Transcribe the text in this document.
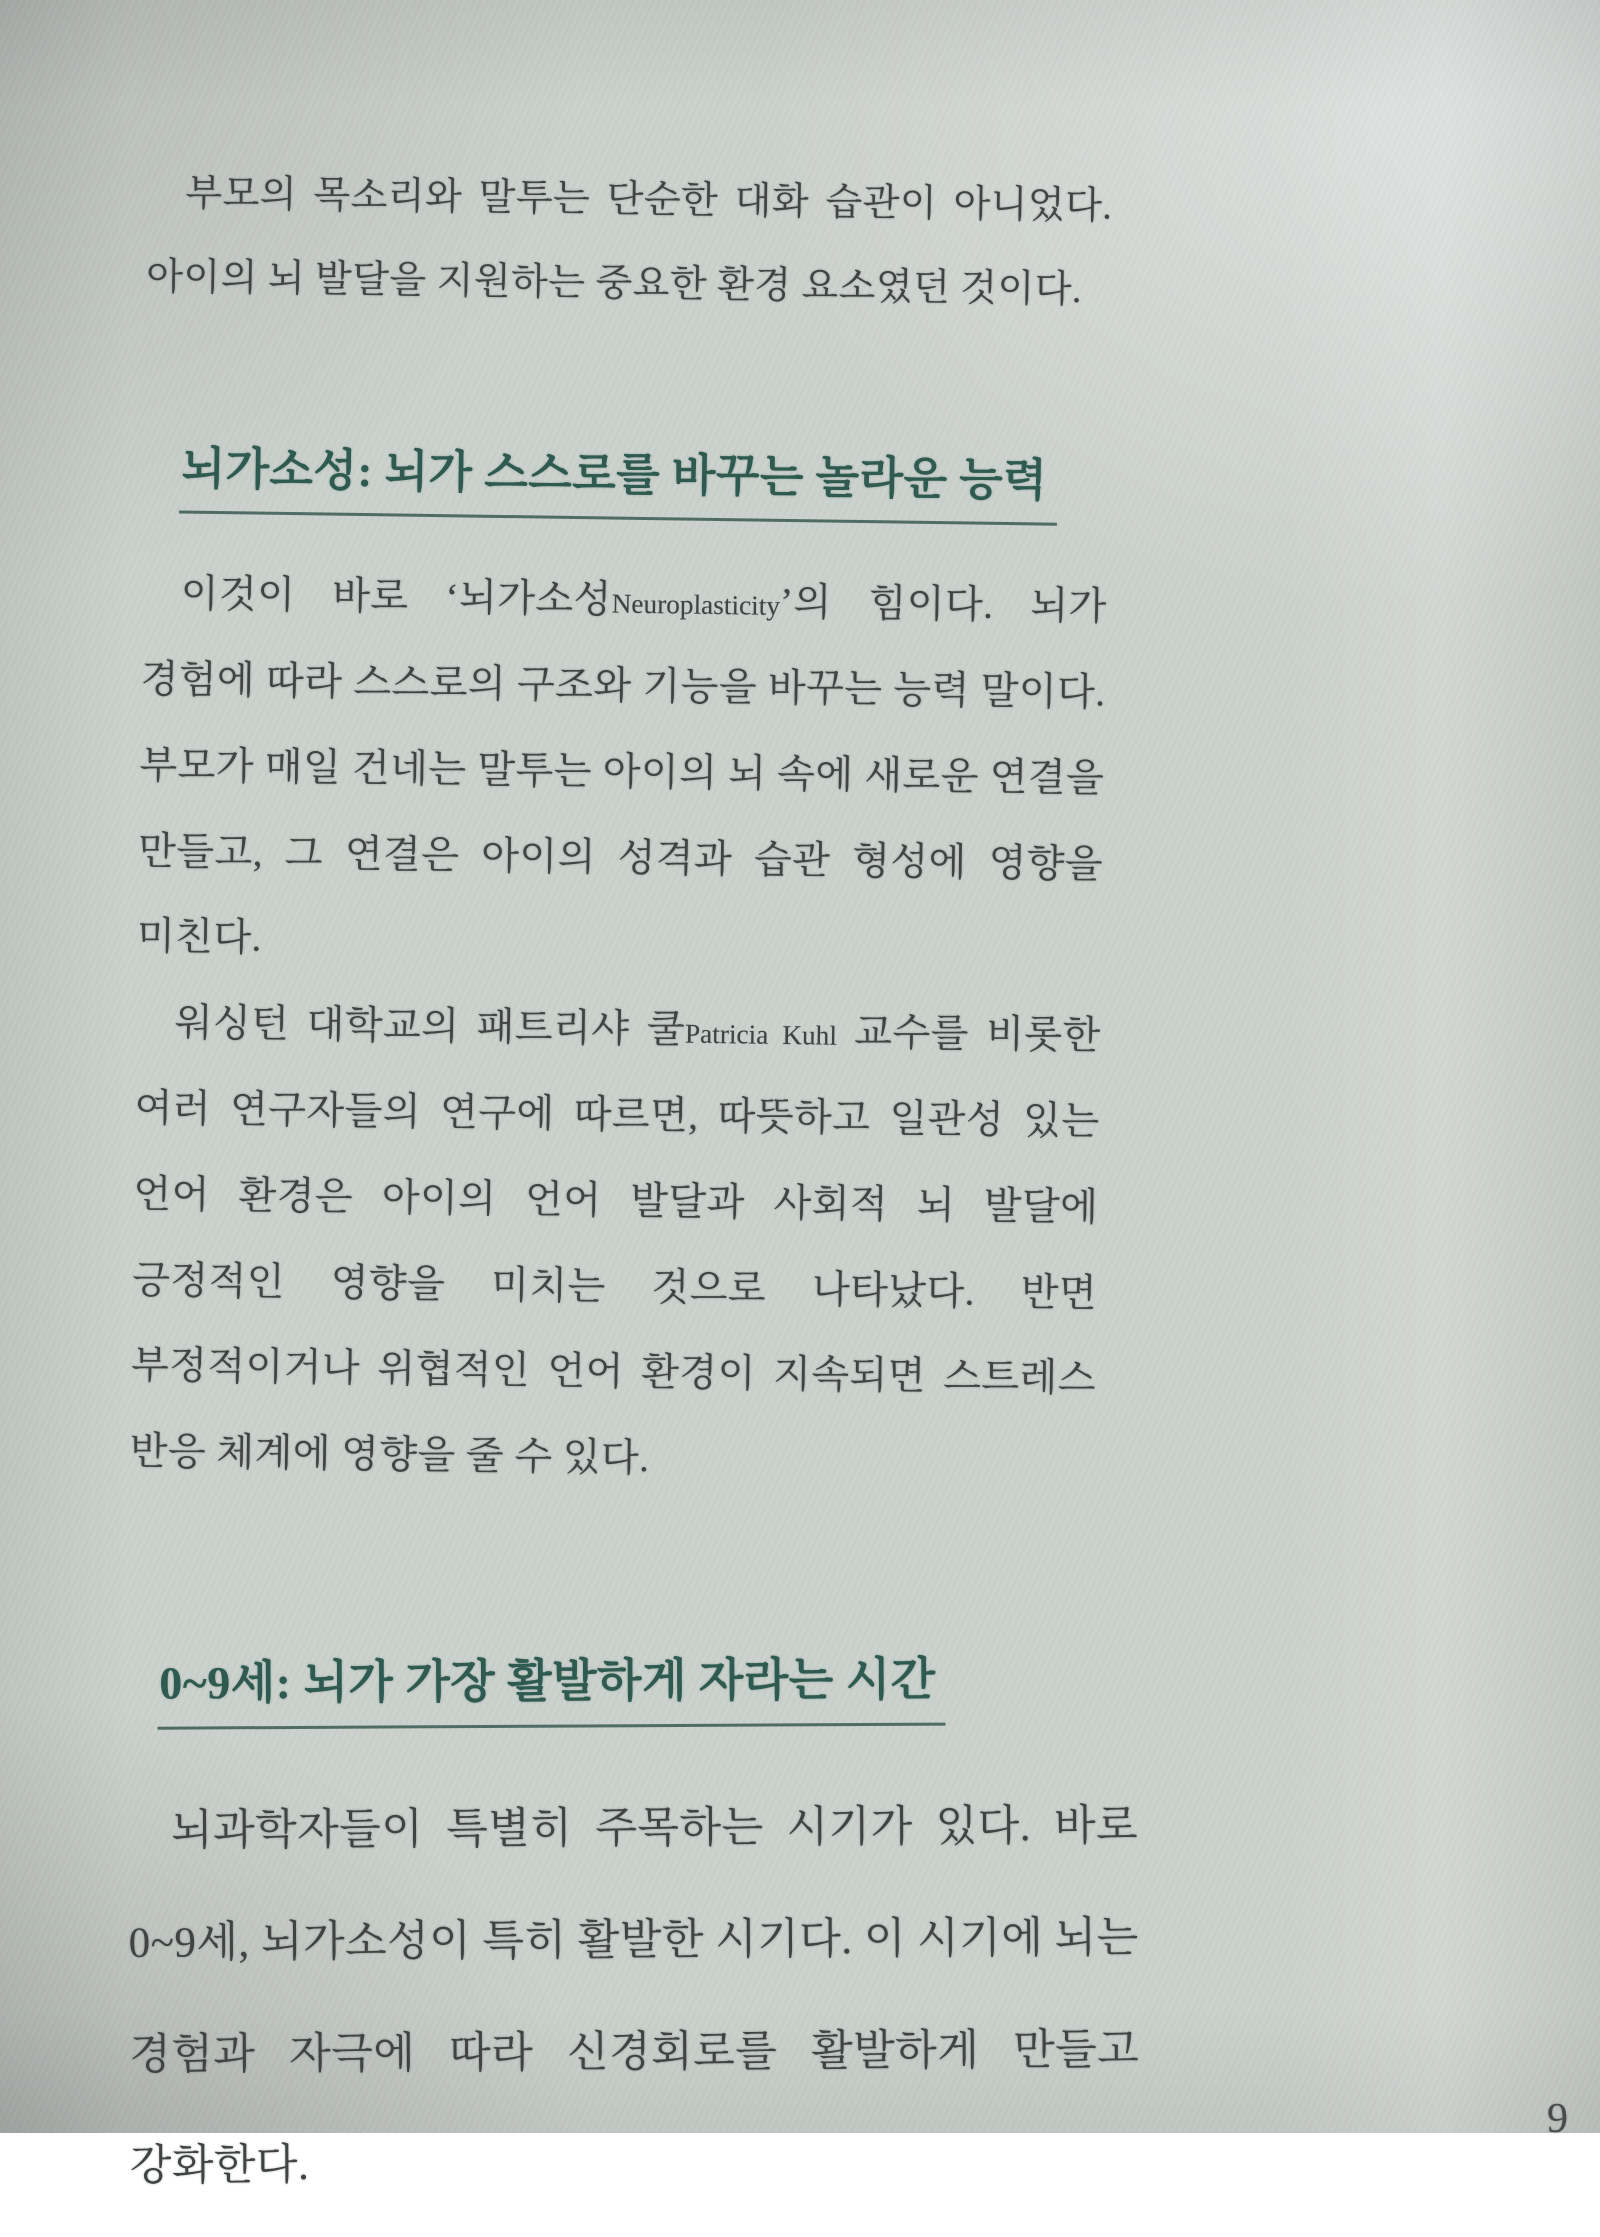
부모의 목소리와 말투는 단순한 대화 습관이 아니었다. 아이의 뇌 발달을 지원하는 중요한 환경 요소였던 것이다.

뇌가소성: 뇌가 스스로를 바꾸는 놀라운 능력

이것이 바로 ‘뇌가소성Neuroplasticity’의 힘이다. 뇌가 경험에 따라 스스로의 구조와 기능을 바꾸는 능력 말이다. 부모가 매일 건네는 말투는 아이의 뇌 속에 새로운 연결을 만들고, 그 연결은 아이의 성격과 습관 형성에 영향을 미친다.

워싱턴 대학교의 패트리샤 쿨Patricia Kuhl 교수를 비롯한 여러 연구자들의 연구에 따르면, 따뜻하고 일관성 있는 언어 환경은 아이의 언어 발달과 사회적 뇌 발달에 긍정적인 영향을 미치는 것으로 나타났다. 반면 부정적이거나 위협적인 언어 환경이 지속되면 스트레스 반응 체계에 영향을 줄 수 있다.

0~9세: 뇌가 가장 활발하게 자라는 시간

뇌과학자들이 특별히 주목하는 시기가 있다. 바로 0~9세, 뇌가소성이 특히 활발한 시기다. 이 시기에 뇌는 경험과 자극에 따라 신경회로를 활발하게 만들고 강화한다.

9
